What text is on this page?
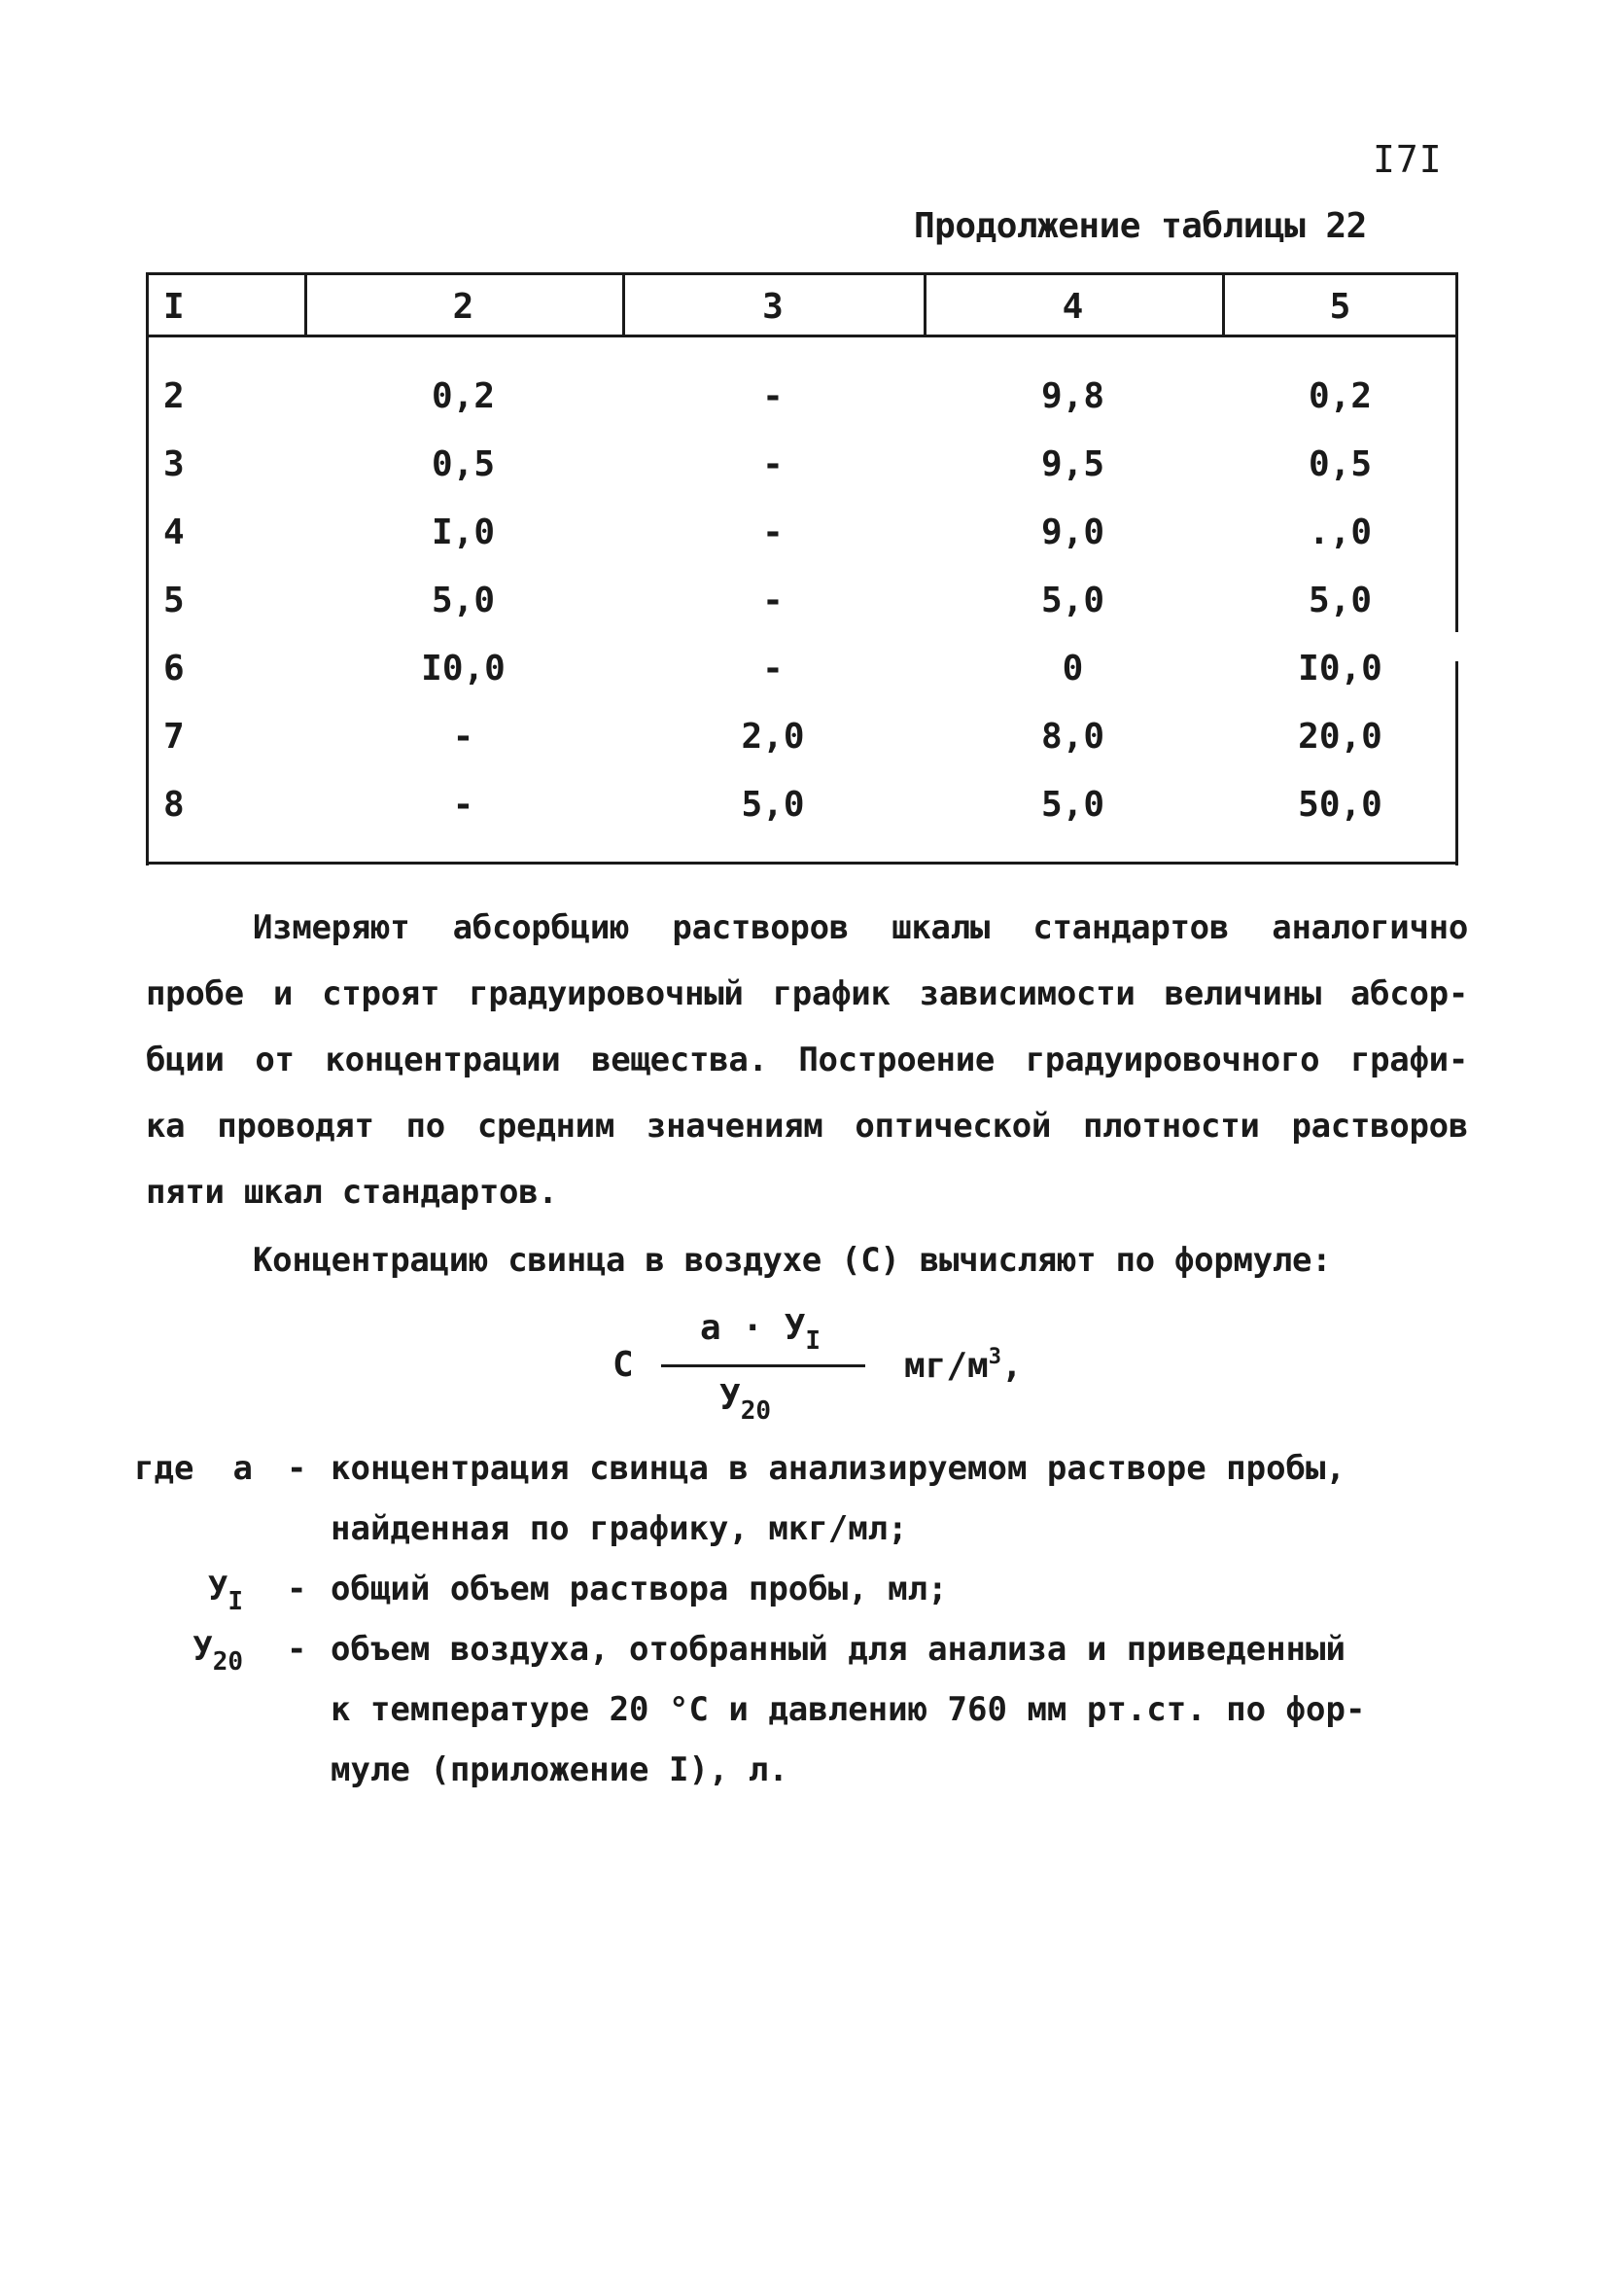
I7I
Продолжение таблицы 22
I	2	3	4	5
2	0,2	-	9,8	0,2
3	0,5	-	9,5	0,5
4	I,0	-	9,0	.,0
5	5,0	-	5,0	5,0
6	I0,0	-	0	I0,0
7	-	2,0	8,0	20,0
8	-	5,0	5,0	50,0
Измеряют абсорбцию растворов шкалы стандартов аналогично
пробе и строят градуировочный график зависимости величины абсор-
бции от концентрации вещества. Построение градуировочного графи-
ка проводят по средним значениям оптической плотности растворов
пяти шкал стандартов.
Концентрацию свинца в воздухе (С) вычисляют по формуле:
С
$а \cdot У_I$
$У_{20}$
$мг/м^3$,
где	а - концентрация свинца в анализируемом растворе пробы,
найденная по графику, мкг/мл;
$У_I$ - общий объем раствора пробы, мл;
$У_{20}$ - объем воздуха, отобранный для анализа и приведенный
к температуре 20 °С и давлению 760 мм рт.ст. по фор-
муле (приложение I), л.
